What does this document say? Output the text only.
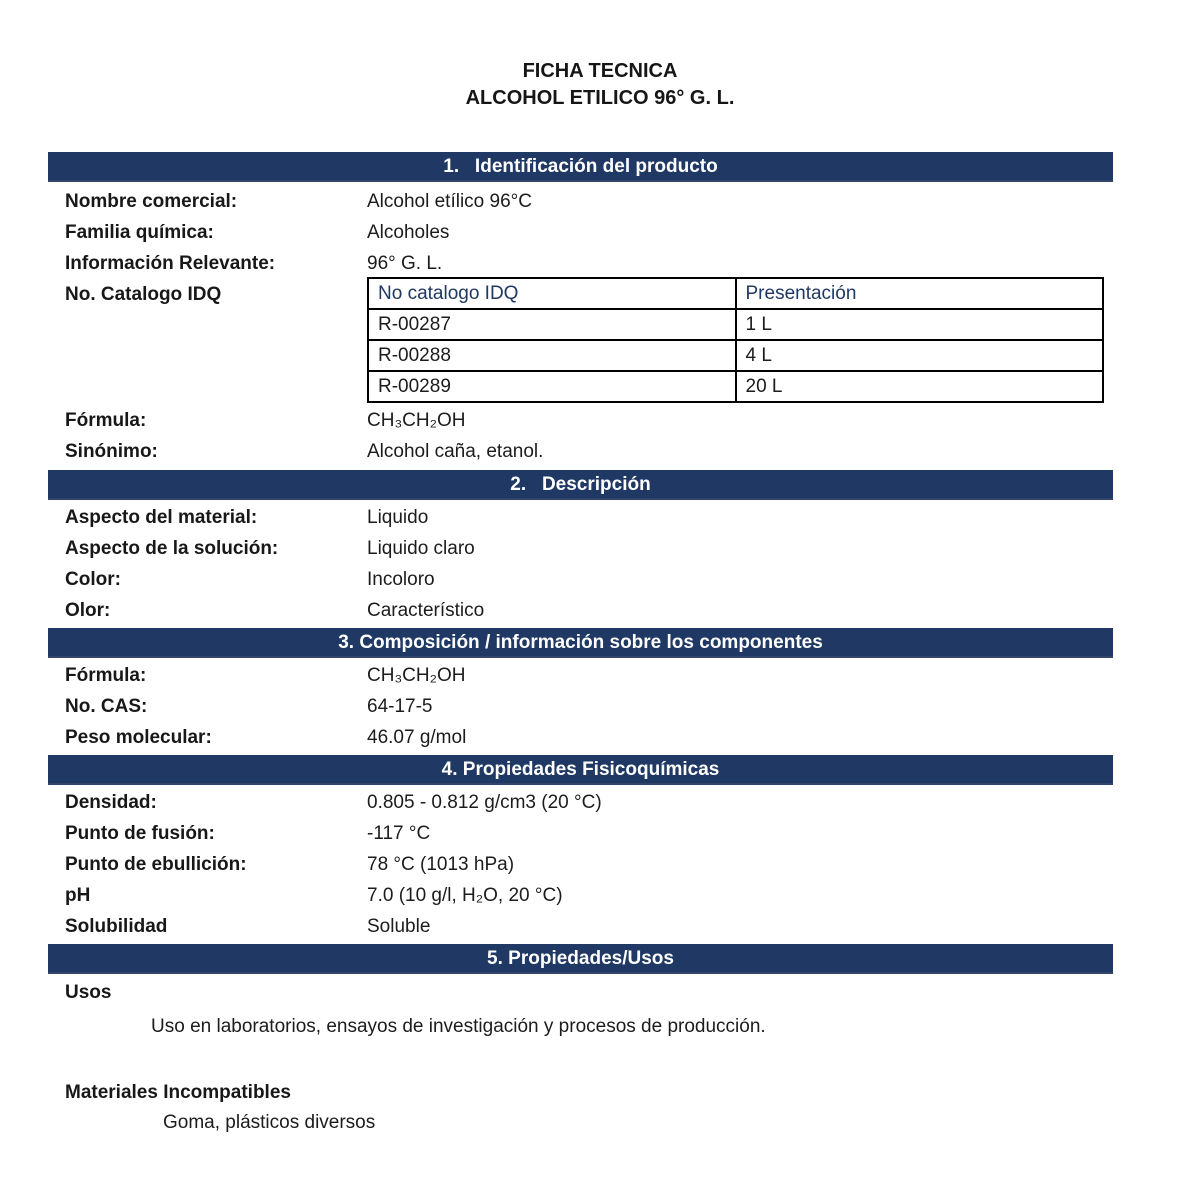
FICHA TECNICA
ALCOHOL ETILICO 96° G. L.
1.   Identificación del producto
Nombre comercial:	Alcohol etílico 96°C
Familia química:	Alcoholes
Información Relevante:	96° G. L.
No. Catalogo IDQ	No catalogo IDQ	Presentación
R-00287	1 L
R-00288	4 L
R-00289	20 L
Fórmula:	CH₃CH₂OH
Sinónimo:	Alcohol caña, etanol.
2.   Descripción
Aspecto del material:	Liquido
Aspecto de la solución:	Liquido claro
Color:	Incoloro
Olor:	Característico
3. Composición / información sobre los componentes
Fórmula:	CH₃CH₂OH
No. CAS:	64-17-5
Peso molecular:	46.07 g/mol
4. Propiedades Fisicoquímicas
Densidad:	0.805 - 0.812 g/cm3 (20 °C)
Punto de fusión:	-117 °C
Punto de ebullición:	78 °C (1013 hPa)
pH	7.0 (10 g/l, H₂O, 20 °C)
Solubilidad	Soluble
5. Propiedades/Usos
Usos
Uso en laboratorios, ensayos de investigación y procesos de producción.
Materiales Incompatibles
Goma, plásticos diversos
